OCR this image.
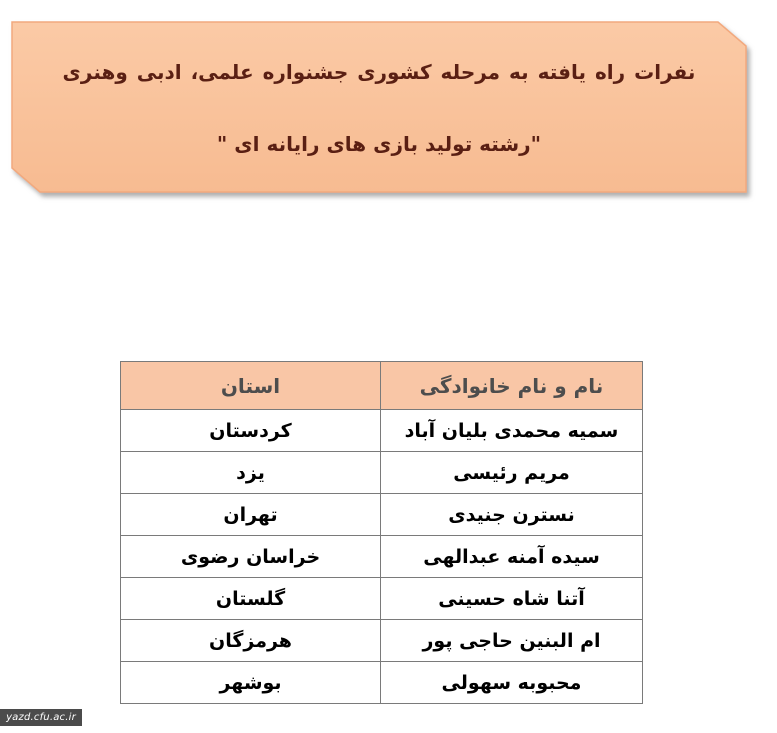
نفرات راه یافته به مرحله کشوری جشنواره علمی، ادبی وهنری
"رشته تولید بازی های رایانه ای "
نام و نام خانوادگی	استان
سمیه محمدی بلیان آباد	کردستان
مریم رئیسی	یزد
نسترن جنیدی	تهران
سیده آمنه عبدالهی	خراسان رضوی
آتنا شاه حسینی	گلستان
ام البنین حاجی پور	هرمزگان
محبوبه سهولی	بوشهر
yazd.cfu.ac.ir
